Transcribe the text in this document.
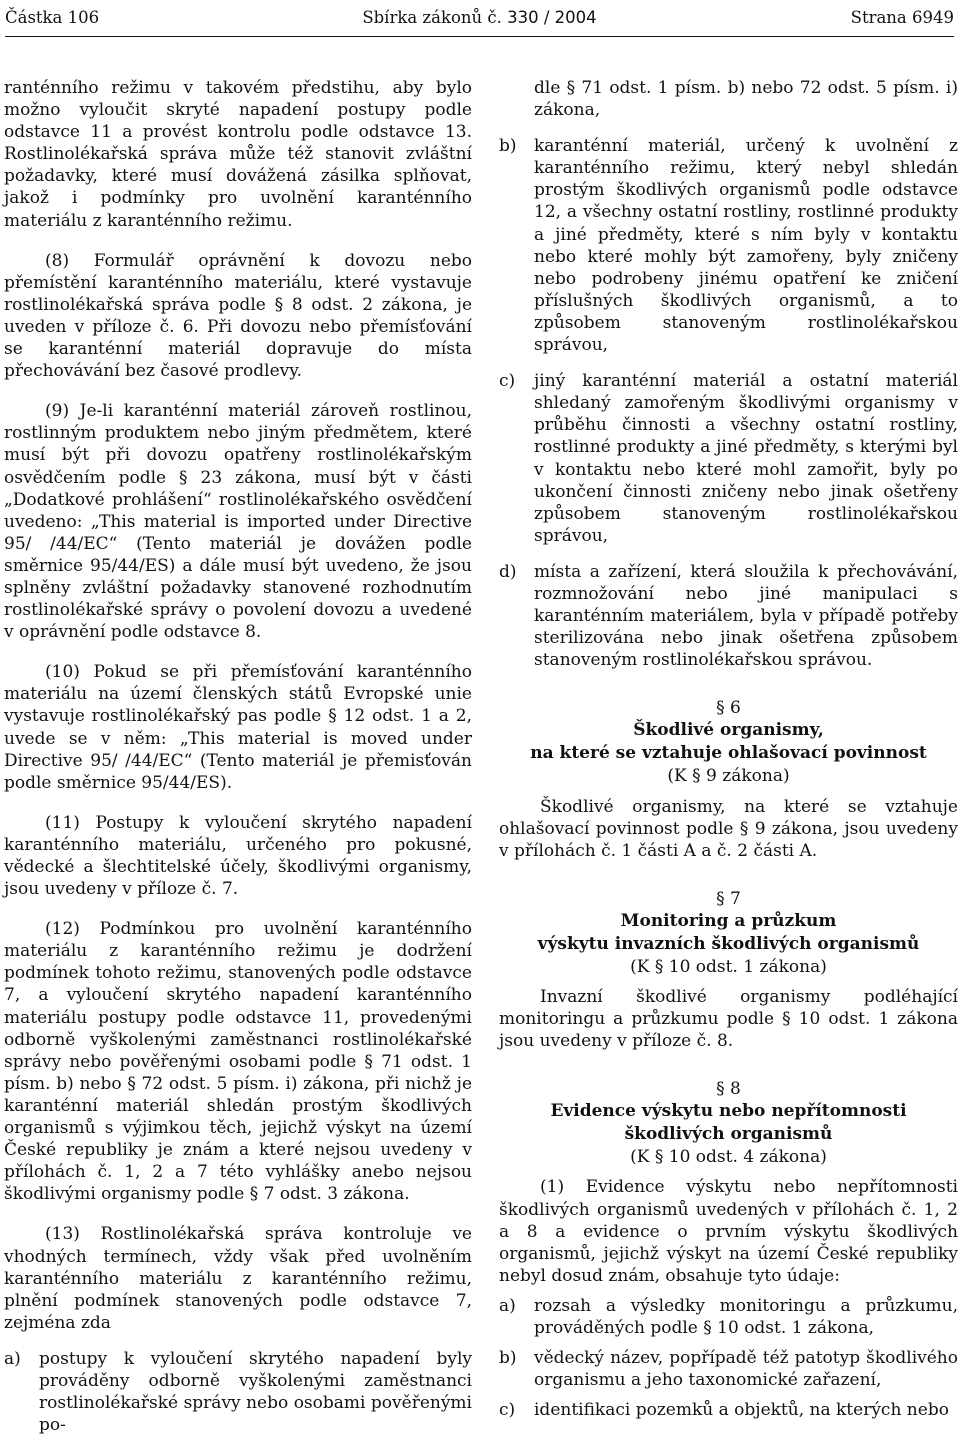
Částka 106	Sbírka zákonů č. 330 / 2004	Strana 6949

ranténního režimu v takovém předstihu, aby bylo možno vyloučit skryté napadení postupy podle odstavce 11 a provést kontrolu podle odstavce 13. Rostlinolékařská správa může též stanovit zvláštní požadavky, které musí dovážená zásilka splňovat, jakož i podmínky pro uvolnění karanténního materiálu z karanténního režimu.

(8) Formulář oprávnění k dovozu nebo přemístění karanténního materiálu, které vystavuje rostlinolékařská správa podle § 8 odst. 2 zákona, je uveden v příloze č. 6. Při dovozu nebo přemísťování se karanténní materiál dopravuje do místa přechovávání bez časové prodlevy.

(9) Je-li karanténní materiál zároveň rostlinou, rostlinným produktem nebo jiným předmětem, které musí být při dovozu opatřeny rostlinolékařským osvědčením podle § 23 zákona, musí být v části „Dodatkové prohlášení“ rostlinolékařského osvědčení uvedeno: „This material is imported under Directive 95/ /44/EC“ (Tento materiál je dovážen podle směrnice 95/44/ES) a dále musí být uvedeno, že jsou splněny zvláštní požadavky stanovené rozhodnutím rostlinolékařské správy o povolení dovozu a uvedené v oprávnění podle odstavce 8.

(10) Pokud se při přemísťování karanténního materiálu na území členských států Evropské unie vystavuje rostlinolékařský pas podle § 12 odst. 1 a 2, uvede se v něm: „This material is moved under Directive 95/ /44/EC“ (Tento materiál je přemisťován podle směrnice 95/44/ES).

(11) Postupy k vyloučení skrytého napadení karanténního materiálu, určeného pro pokusné, vědecké a šlechtitelské účely, škodlivými organismy, jsou uvedeny v příloze č. 7.

(12) Podmínkou pro uvolnění karanténního materiálu z karanténního režimu je dodržení podmínek tohoto režimu, stanovených podle odstavce 7, a vyloučení skrytého napadení karanténního materiálu postupy podle odstavce 11, provedenými odborně vyškolenými zaměstnanci rostlinolékařské správy nebo pověřenými osobami podle § 71 odst. 1 písm. b) nebo § 72 odst. 5 písm. i) zákona, při nichž je karanténní materiál shledán prostým škodlivých organismů s výjimkou těch, jejichž výskyt na území České republiky je znám a které nejsou uvedeny v přílohách č. 1, 2 a 7 této vyhlášky anebo nejsou škodlivými organismy podle § 7 odst. 3 zákona.

(13) Rostlinolékařská správa kontroluje ve vhodných termínech, vždy však před uvolněním karanténního materiálu z karanténního režimu, plnění podmínek stanovených podle odstavce 7, zejména zda

a) postupy k vyloučení skrytého napadení byly prováděny odborně vyškolenými zaměstnanci rostlinolékařské správy nebo osobami pověřenými po-
dle § 71 odst. 1 písm. b) nebo 72 odst. 5 písm. i) zákona,
b) karanténní materiál, určený k uvolnění z karanténního režimu, který nebyl shledán prostým škodlivých organismů podle odstavce 12, a všechny ostatní rostliny, rostlinné produkty a jiné předměty, které s ním byly v kontaktu nebo které mohly být zamořeny, byly zničeny nebo podrobeny jinému opatření ke zničení příslušných škodlivých organismů, a to způsobem stanoveným rostlinolékařskou správou,
c) jiný karanténní materiál a ostatní materiál shledaný zamořeným škodlivými organismy v průběhu činnosti a všechny ostatní rostliny, rostlinné produkty a jiné předměty, s kterými byl v kontaktu nebo které mohl zamořit, byly po ukončení činnosti zničeny nebo jinak ošetřeny způsobem stanoveným rostlinolékařskou správou,
d) místa a zařízení, která sloužila k přechovávání, rozmnožování nebo jiné manipulaci s karanténním materiálem, byla v případě potřeby sterilizována nebo jinak ošetřena způsobem stanoveným rostlinolékařskou správou.

§ 6

Škodlivé organismy,

na které se vztahuje ohlašovací povinnost

(K § 9 zákona)

Škodlivé organismy, na které se vztahuje ohlašovací povinnost podle § 9 zákona, jsou uvedeny v přílohách č. 1 části A a č. 2 části A.

§ 7

Monitoring a průzkum

výskytu invazních škodlivých organismů

(K § 10 odst. 1 zákona)

Invazní škodlivé organismy podléhající monitoringu a průzkumu podle § 10 odst. 1 zákona jsou uvedeny v příloze č. 8.

§ 8

Evidence výskytu nebo nepřítomnosti

škodlivých organismů

(K § 10 odst. 4 zákona)

(1) Evidence výskytu nebo nepřítomnosti škodlivých organismů uvedených v přílohách č. 1, 2 a 8 a evidence o prvním výskytu škodlivých organismů, jejichž výskyt na území České republiky nebyl dosud znám, obsahuje tyto údaje:

a) rozsah a výsledky monitoringu a průzkumu, prováděných podle § 10 odst. 1 zákona,
b) vědecký název, popřípadě též patotyp škodlivého organismu a jeho taxonomické zařazení,
c) identifikaci pozemků a objektů, na kterých nebo
